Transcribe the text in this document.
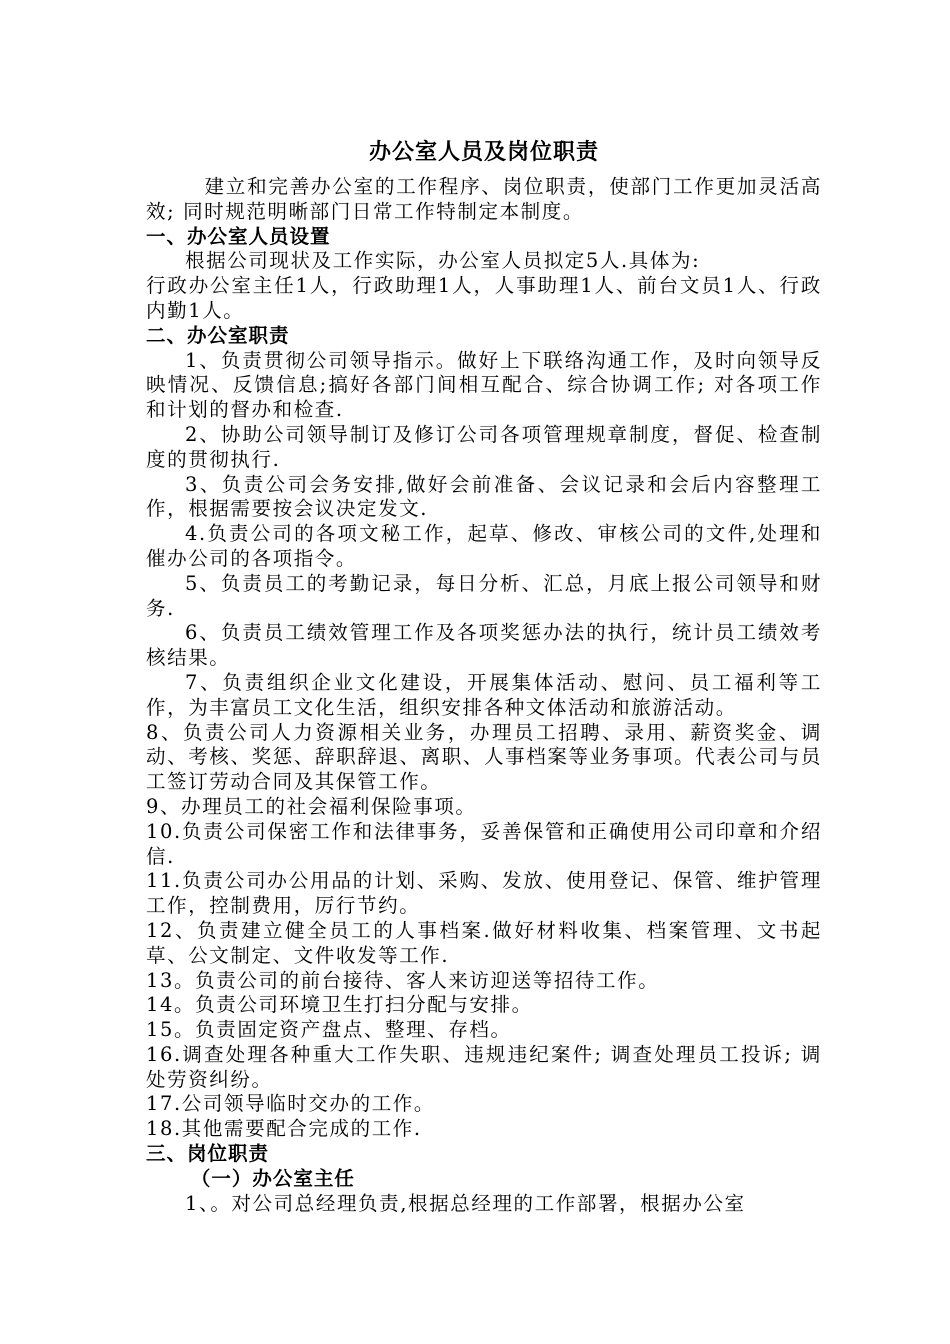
办公室人员及岗位职责

建立和完善办公室的工作程序、岗位职责，使部门工作更加灵活高效; 同时规范明晰部门日常工作特制定本制度。

一、办公室人员设置

根据公司现状及工作实际，办公室人员拟定5人.具体为:

行政办公室主任1人，行政助理1人，人事助理1人、前台文员1人、行政内勤1人。

二、办公室职责

1、负责贯彻公司领导指示。做好上下联络沟通工作，及时向领导反映情况、反馈信息;搞好各部门间相互配合、综合协调工作; 对各项工作和计划的督办和检查.

2、协助公司领导制订及修订公司各项管理规章制度，督促、检查制度的贯彻执行.

3、负责公司会务安排,做好会前准备、会议记录和会后内容整理工作，根据需要按会议决定发文.

4.负责公司的各项文秘工作，起草、修改、审核公司的文件,处理和催办公司的各项指令。

5、负责员工的考勤记录，每日分析、汇总，月底上报公司领导和财务.

6、负责员工绩效管理工作及各项奖惩办法的执行，统计员工绩效考核结果。

7、负责组织企业文化建设，开展集体活动、慰问、员工福利等工作，为丰富员工文化生活，组织安排各种文体活动和旅游活动。

8、负责公司人力资源相关业务，办理员工招聘、录用、薪资奖金、调动、考核、奖惩、辞职辞退、离职、人事档案等业务事项。代表公司与员工签订劳动合同及其保管工作。

9、办理员工的社会福利保险事项。

10.负责公司保密工作和法律事务，妥善保管和正确使用公司印章和介绍信.

11.负责公司办公用品的计划、采购、发放、使用登记、保管、维护管理工作，控制费用，厉行节约。

12、负责建立健全员工的人事档案.做好材料收集、档案管理、文书起草、公文制定、文件收发等工作.

13。负责公司的前台接待、客人来访迎送等招待工作。

14。负责公司环境卫生打扫分配与安排。

15。负责固定资产盘点、整理、存档。

16.调查处理各种重大工作失职、违规违纪案件; 调查处理员工投诉; 调处劳资纠纷。

17.公司领导临时交办的工作。

18.其他需要配合完成的工作.

三、岗位职责

（一）办公室主任

1、。对公司总经理负责,根据总经理的工作部署，根据办公室
